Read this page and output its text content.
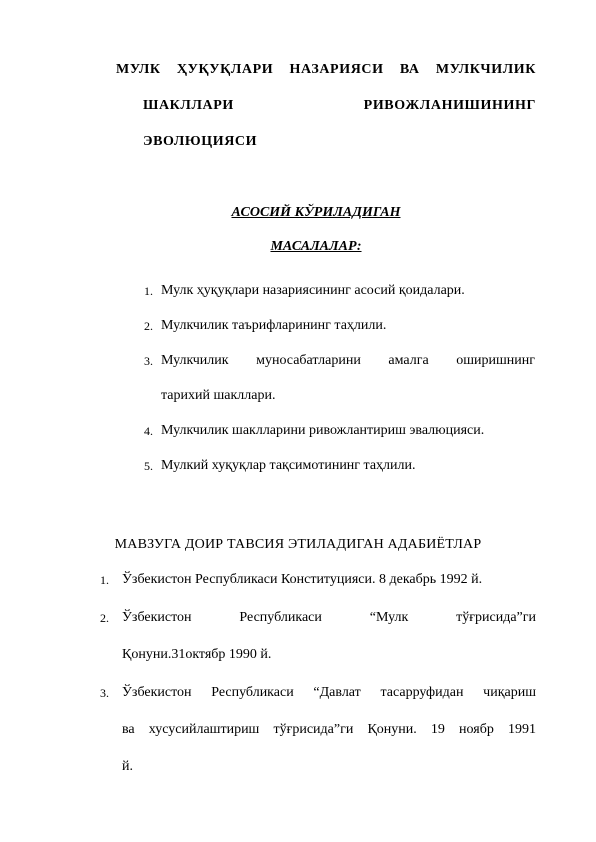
МУЛК ҲУҚУҚЛАРИ НАЗАРИЯСИ ВА МУЛКЧИЛИК
ШАКЛЛАРИ РИВОЖЛАНИШИНИНГ
ЭВОЛЮЦИЯСИ
АСОСИЙ КЎРИЛАДИГАН
МАСАЛАЛАР:
1. Мулк ҳуқуқлари назариясининг асосий қоидалари.
2. Мулкчилик таърифларининг таҳлили.
3. Мулкчилик муносабатларини амалга оширишнинг
тарихий шакллари.
4. Мулкчилик шаклларини ривожлантириш эвалюцияси.
5. Мулкий хуқуқлар тақсимотининг таҳлили.
МАВЗУГА ДОИР ТАВСИЯ ЭТИЛАДИГАН АДАБИЁТЛАР
1. Ўзбекистон Республикаси Конституцияси. 8 декабрь 1992 й.
2. Ўзбекистон Республикаси “Мулк тўғрисида”ги
Қонуни.31октябр 1990 й.
3. Ўзбекистон Республикаси “Давлат тасарруфидан чиқариш
ва хусусийлаштириш тўғрисида”ги Қонуни. 19 ноябр 1991
й.
